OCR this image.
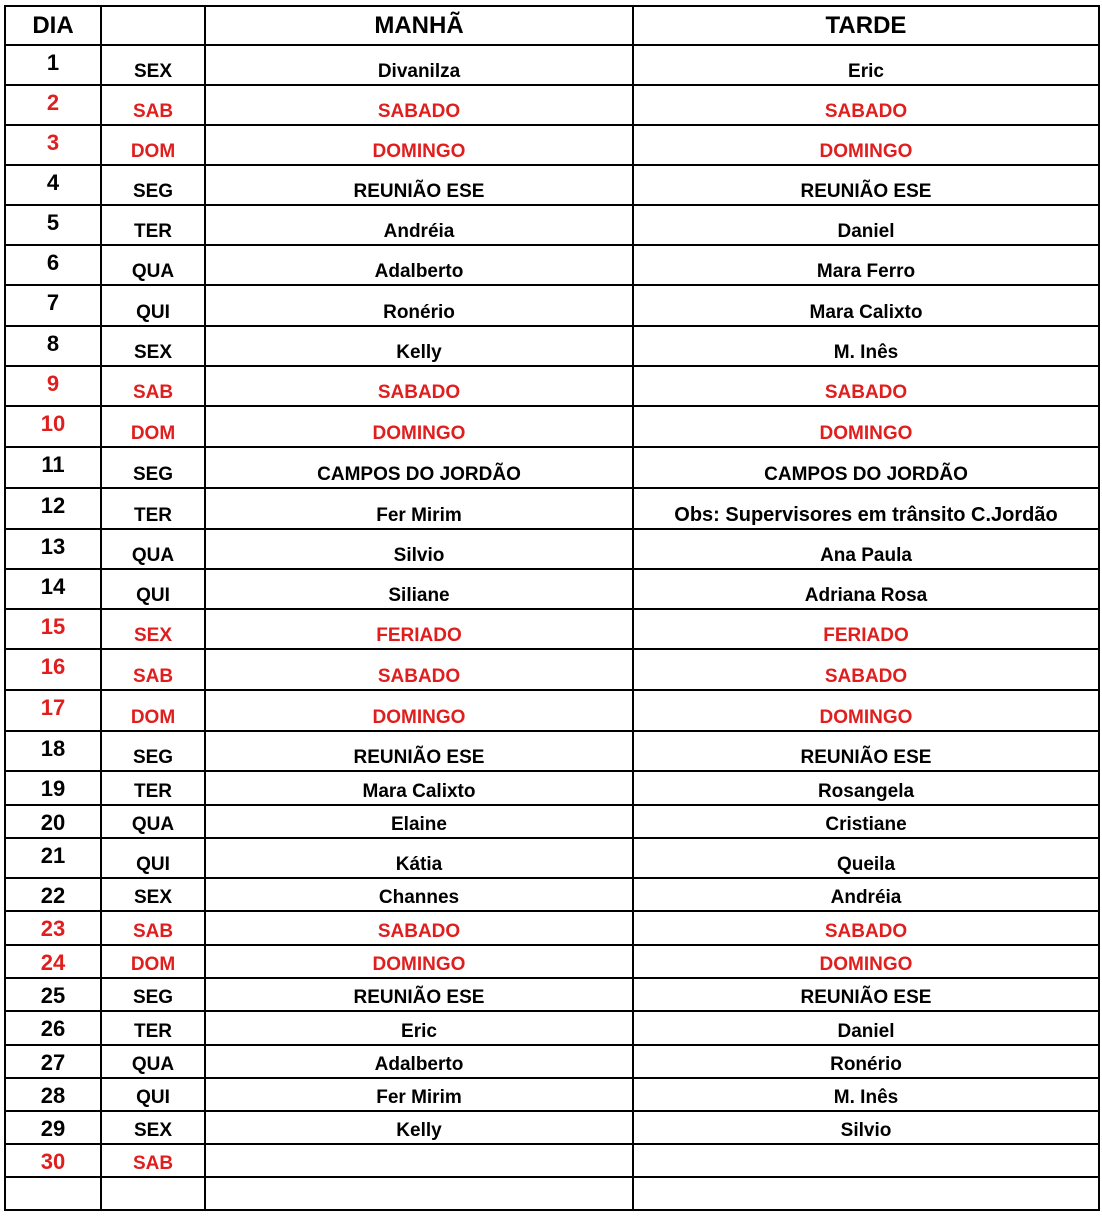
DIA		MANHÃ	TARDE
1	SEX	Divanilza	Eric
2	SAB	SABADO	SABADO
3	DOM	DOMINGO	DOMINGO
4	SEG	REUNIÃO ESE	REUNIÃO ESE
5	TER	Andréia	Daniel
6	QUA	Adalberto	Mara Ferro
7	QUI	Ronério	Mara Calixto
8	SEX	Kelly	M. Inês
9	SAB	SABADO	SABADO
10	DOM	DOMINGO	DOMINGO
11	SEG	CAMPOS DO JORDÃO	CAMPOS DO JORDÃO
12	TER	Fer Mirim	Obs: Supervisores em trânsito C.Jordão
13	QUA	Silvio	Ana Paula
14	QUI	Siliane	Adriana Rosa
15	SEX	FERIADO	FERIADO
16	SAB	SABADO	SABADO
17	DOM	DOMINGO	DOMINGO
18	SEG	REUNIÃO ESE	REUNIÃO ESE
19	TER	Mara Calixto	Rosangela
20	QUA	Elaine	Cristiane
21	QUI	Kátia	Queila
22	SEX	Channes	Andréia
23	SAB	SABADO	SABADO
24	DOM	DOMINGO	DOMINGO
25	SEG	REUNIÃO ESE	REUNIÃO ESE
26	TER	Eric	Daniel
27	QUA	Adalberto	Ronério
28	QUI	Fer Mirim	M. Inês
29	SEX	Kelly	Silvio
30	SAB		
